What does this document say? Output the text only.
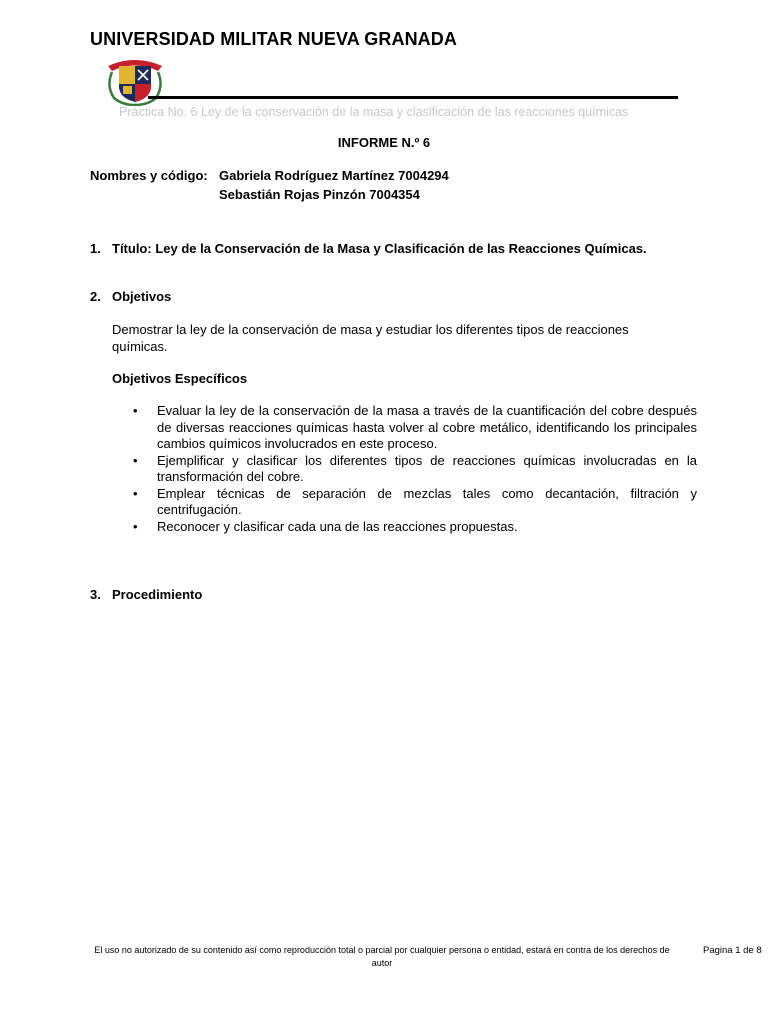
UNIVERSIDAD MILITAR NUEVA GRANADA
Práctica No. 6 Ley de la conservación de la masa y clasificación de las reacciones químicas
INFORME N.º 6
Nombres y código: Gabriela Rodríguez Martínez 7004294
Sebastián Rojas Pinzón 7004354
1. Título: Ley de la Conservación de la Masa y Clasificación de las Reacciones Químicas.
2. Objetivos
Demostrar la ley de la conservación de masa y estudiar los diferentes tipos de reacciones químicas.
Objetivos Específicos
• Evaluar la ley de la conservación de la masa a través de la cuantificación del cobre después de diversas reacciones químicas hasta volver al cobre metálico, identificando los principales cambios químicos involucrados en este proceso.
• Ejemplificar y clasificar los diferentes tipos de reacciones químicas involucradas en la transformación del cobre.
• Emplear técnicas de separación de mezclas tales como decantación, filtración y centrifugación.
• Reconocer y clasificar cada una de las reacciones propuestas.
3. Procedimiento
El uso no autorizado de su contenido así como reproducción total o parcial por cualquier persona o entidad, estará en contra de los derechos de autor
Pagina 1 de 8
